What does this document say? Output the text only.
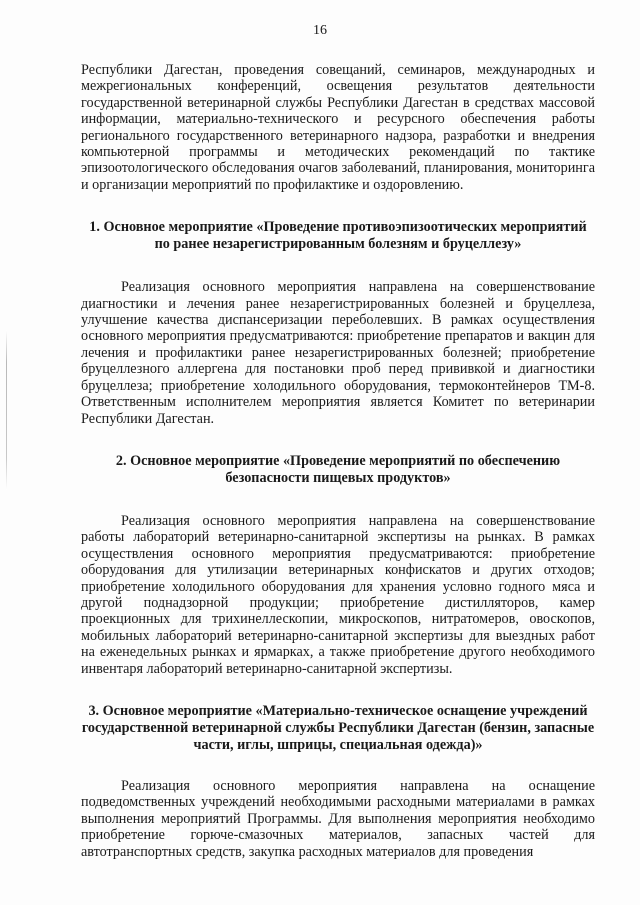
16

Республики Дагестан, проведения совещаний, семинаров, международных и межрегиональных конференций, освещения результатов деятельности государственной ветеринарной службы Республики Дагестан в средствах массовой информации, материально-технического и ресурсного обеспечения работы регионального государственного ветеринарного надзора, разработки и внедрения компьютерной программы и методических рекомендаций по тактике эпизоотологического обследования очагов заболеваний, планирования, мониторинга и организации мероприятий по профилактике и оздоровлению.

1. Основное мероприятие «Проведение противоэпизоотических мероприятий по ранее незарегистрированным болезням и бруцеллезу»

Реализация основного мероприятия направлена на совершенствование диагностики и лечения ранее незарегистрированных болезней и бруцеллеза, улучшение качества диспансеризации переболевших. В рамках осуществления основного мероприятия предусматриваются: приобретение препаратов и вакцин для лечения и профилактики ранее незарегистрированных болезней; приобретение бруцеллезного аллергена для постановки проб перед прививкой и диагностики бруцеллеза; приобретение холодильного оборудования, термоконтейнеров ТМ-8. Ответственным исполнителем мероприятия является Комитет по ветеринарии Республики Дагестан.

2. Основное мероприятие «Проведение мероприятий по обеспечению безопасности пищевых продуктов»

Реализация основного мероприятия направлена на совершенствование работы лабораторий ветеринарно-санитарной экспертизы на рынках. В рамках осуществления основного мероприятия предусматриваются: приобретение оборудования для утилизации ветеринарных конфискатов и других отходов; приобретение холодильного оборудования для хранения условно годного мяса и другой поднадзорной продукции; приобретение дистилляторов, камер проекционных для трихинеллескопии, микроскопов, нитратомеров, овоскопов, мобильных лабораторий ветеринарно-санитарной экспертизы для выездных работ на еженедельных рынках и ярмарках, а также приобретение другого необходимого инвентаря лабораторий ветеринарно-санитарной экспертизы.

3. Основное мероприятие «Материально-техническое оснащение учреждений государственной ветеринарной службы Республики Дагестан (бензин, запасные части, иглы, шприцы, специальная одежда)»

Реализация основного мероприятия направлена на оснащение подведомственных учреждений необходимыми расходными материалами в рамках выполнения мероприятий Программы. Для выполнения мероприятия необходимо приобретение горюче-смазочных материалов, запасных частей для автотранспортных средств, закупка расходных материалов для проведения
